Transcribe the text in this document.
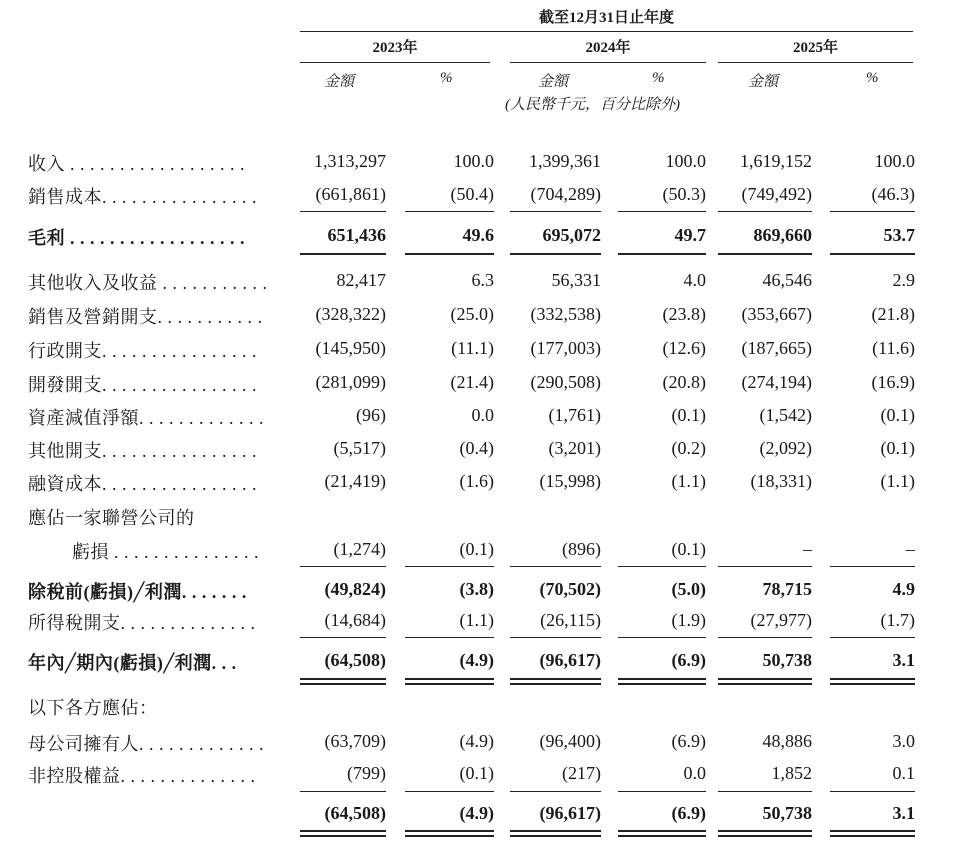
截至12月31日止年度
2023年	2024年	2025年
金額	%	金額	%	金額	%
(人民幣千元，百分比除外)
收入 . . . . . . . . . . . . . . . . . .	1,313,297	100.0	1,399,361	100.0	1,619,152	100.0
銷售成本. . . . . . . . . . . . . . . .	(661,861)	(50.4)	(704,289)	(50.3)	(749,492)	(46.3)
毛利 . . . . . . . . . . . . . . . . . .	651,436	49.6	695,072	49.7	869,660	53.7
其他收入及收益 . . . . . . . . . . .	82,417	6.3	56,331	4.0	46,546	2.9
銷售及營銷開支. . . . . . . . . . .	(328,322)	(25.0)	(332,538)	(23.8)	(353,667)	(21.8)
行政開支. . . . . . . . . . . . . . . .	(145,950)	(11.1)	(177,003)	(12.6)	(187,665)	(11.6)
開發開支. . . . . . . . . . . . . . . .	(281,099)	(21.4)	(290,508)	(20.8)	(274,194)	(16.9)
資產減值淨額. . . . . . . . . . . . .	(96)	0.0	(1,761)	(0.1)	(1,542)	(0.1)
其他開支. . . . . . . . . . . . . . . .	(5,517)	(0.4)	(3,201)	(0.2)	(2,092)	(0.1)
融資成本. . . . . . . . . . . . . . . .	(21,419)	(1.6)	(15,998)	(1.1)	(18,331)	(1.1)
應佔一家聯營公司的
虧損 . . . . . . . . . . . . . . .	(1,274)	(0.1)	(896)	(0.1)	–	–
除稅前(虧損)╱利潤. . . . . . .	(49,824)	(3.8)	(70,502)	(5.0)	78,715	4.9
所得稅開支. . . . . . . . . . . . . .	(14,684)	(1.1)	(26,115)	(1.9)	(27,977)	(1.7)
年內╱期內(虧損)╱利潤. . .	(64,508)	(4.9)	(96,617)	(6.9)	50,738	3.1
以下各方應佔：
母公司擁有人. . . . . . . . . . . . .	(63,709)	(4.9)	(96,400)	(6.9)	48,886	3.0
非控股權益. . . . . . . . . . . . . .	(799)	(0.1)	(217)	0.0	1,852	0.1
(64,508)	(4.9)	(96,617)	(6.9)	50,738	3.1
